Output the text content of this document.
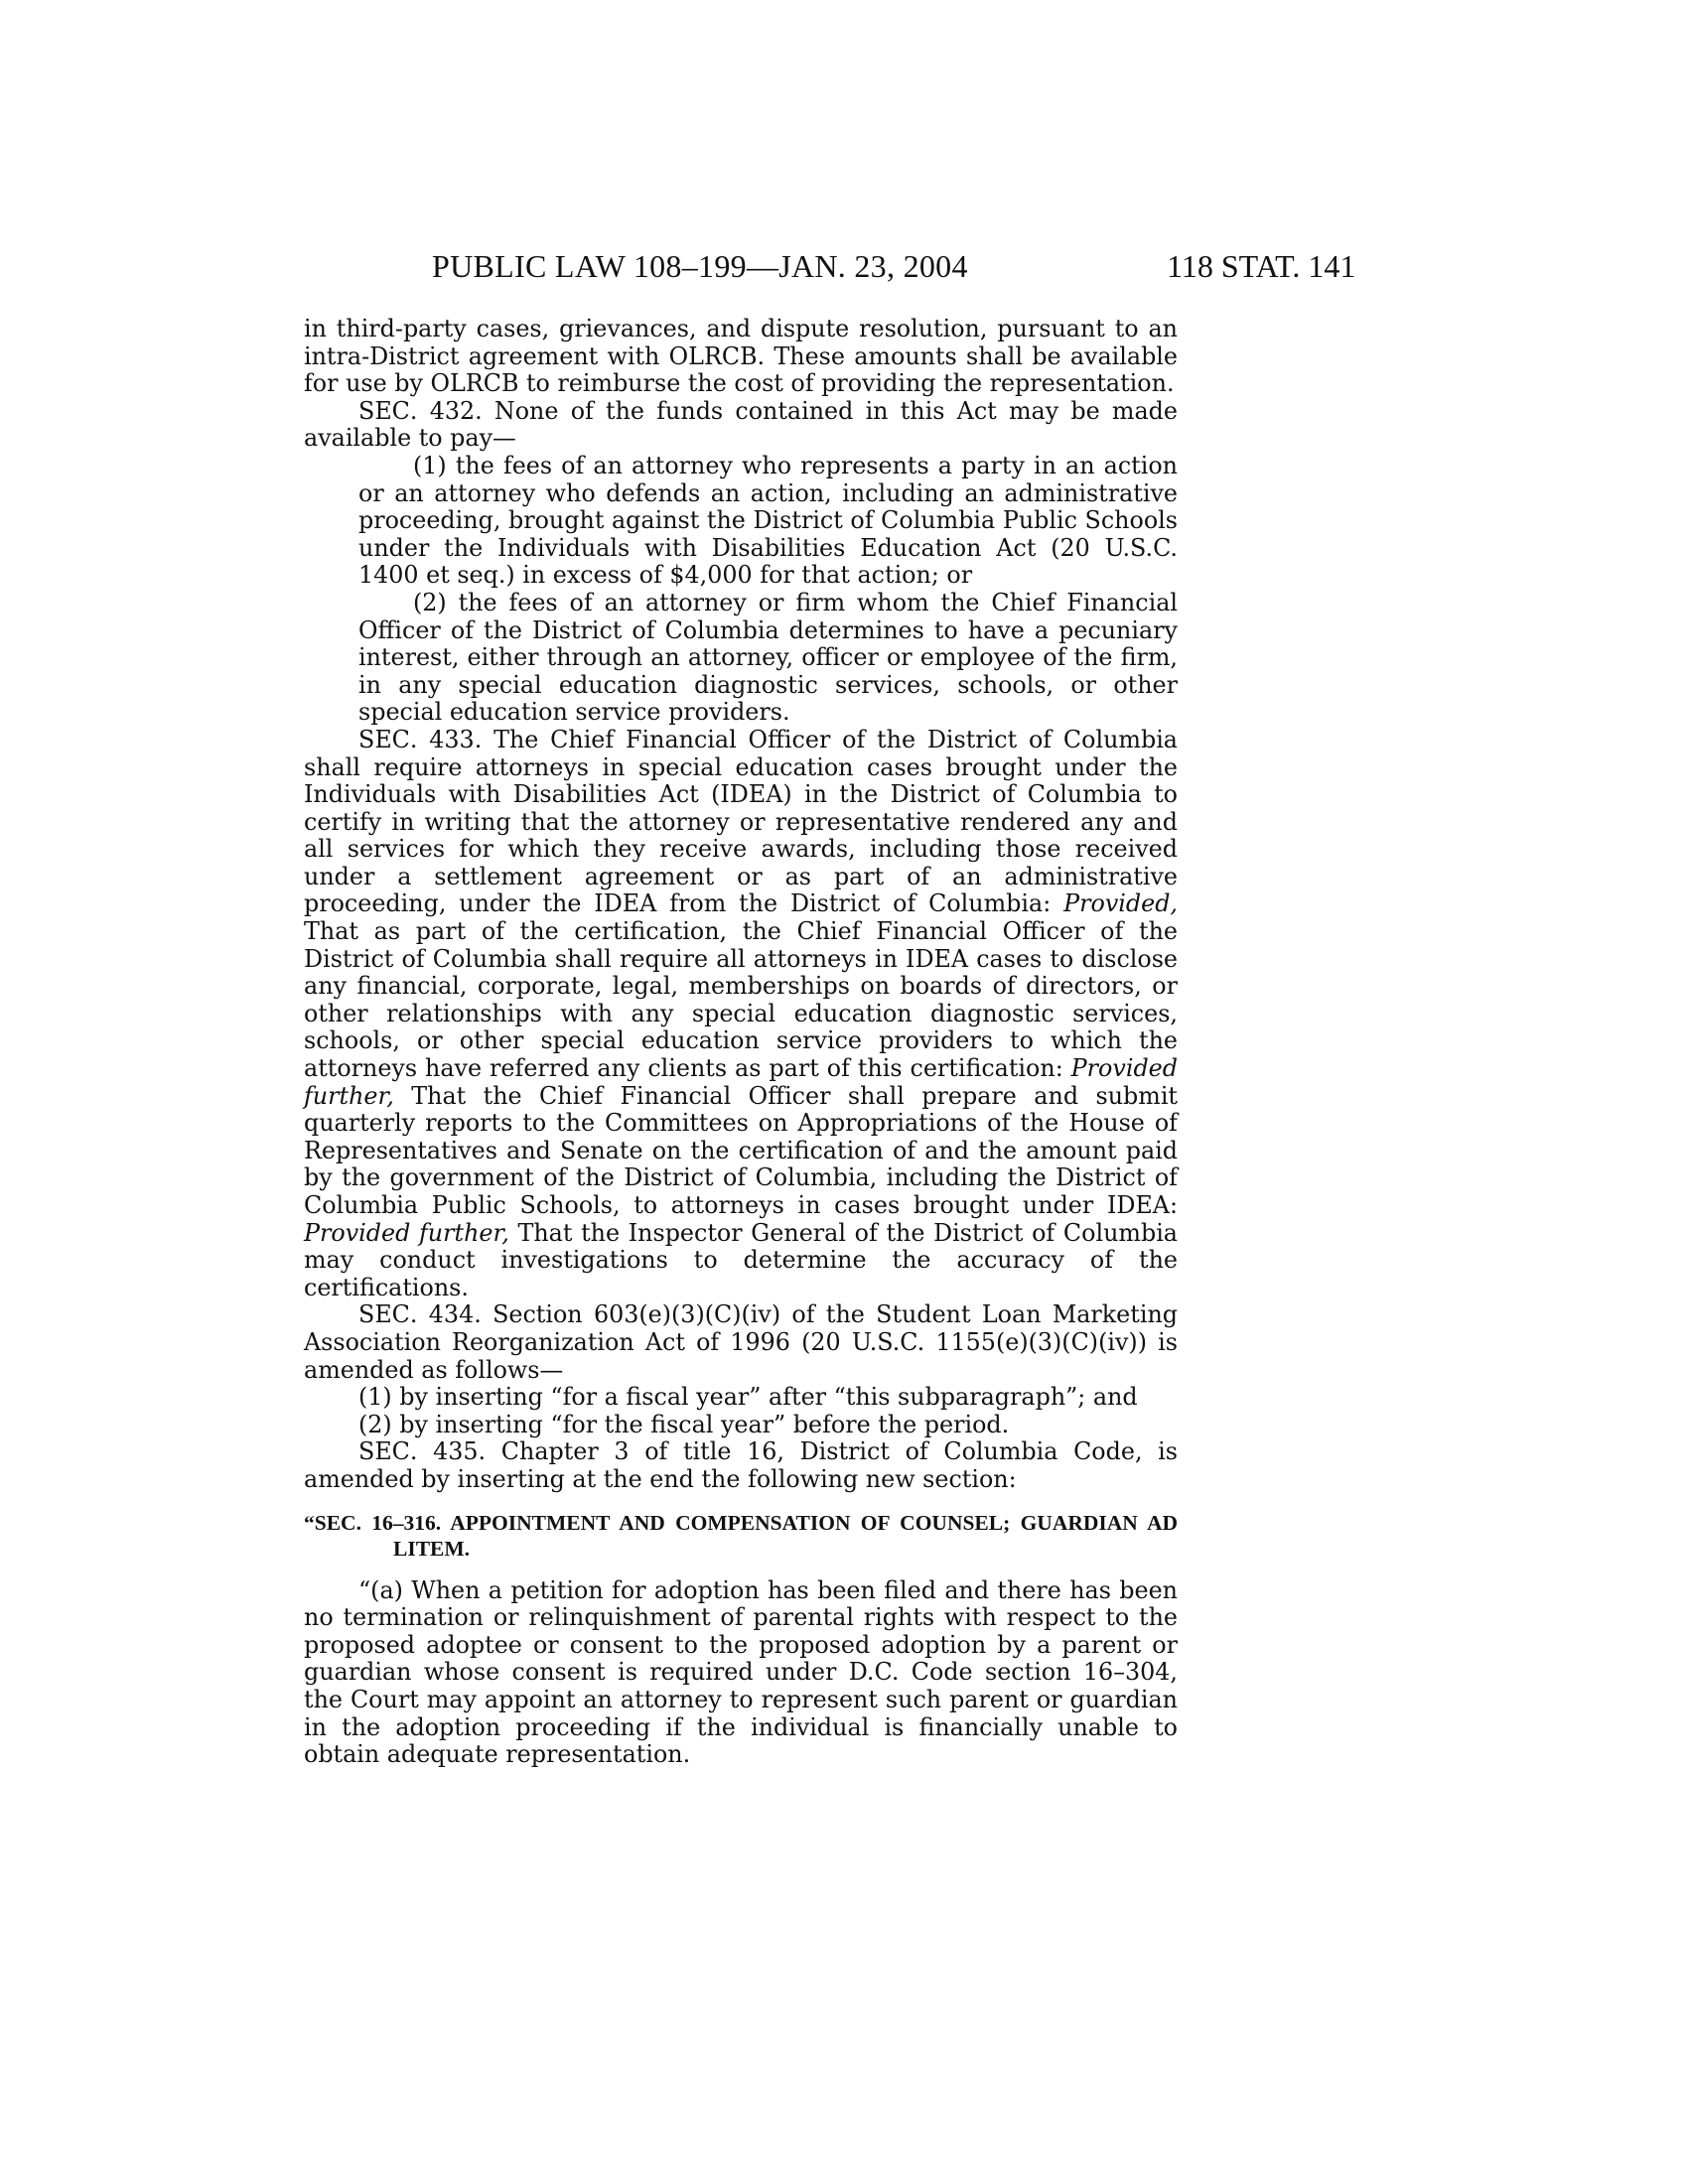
PUBLIC LAW 108–199—JAN. 23, 2004	118 STAT. 141

in third-party cases, grievances, and dispute resolution, pursuant to an intra-District agreement with OLRCB. These amounts shall be available for use by OLRCB to reimburse the cost of providing the representation.

SEC. 432. None of the funds contained in this Act may be made available to pay—

(1) the fees of an attorney who represents a party in an action or an attorney who defends an action, including an administrative proceeding, brought against the District of Columbia Public Schools under the Individuals with Disabilities Education Act (20 U.S.C. 1400 et seq.) in excess of $4,000 for that action; or

(2) the fees of an attorney or firm whom the Chief Financial Officer of the District of Columbia determines to have a pecuniary interest, either through an attorney, officer or employee of the firm, in any special education diagnostic services, schools, or other special education service providers.

SEC. 433. The Chief Financial Officer of the District of Columbia shall require attorneys in special education cases brought under the Individuals with Disabilities Act (IDEA) in the District of Columbia to certify in writing that the attorney or representative rendered any and all services for which they receive awards, including those received under a settlement agreement or as part of an administrative proceeding, under the IDEA from the District of Columbia: Provided, That as part of the certification, the Chief Financial Officer of the District of Columbia shall require all attorneys in IDEA cases to disclose any financial, corporate, legal, memberships on boards of directors, or other relationships with any special education diagnostic services, schools, or other special education service providers to which the attorneys have referred any clients as part of this certification: Provided further, That the Chief Financial Officer shall prepare and submit quarterly reports to the Committees on Appropriations of the House of Representatives and Senate on the certification of and the amount paid by the government of the District of Columbia, including the District of Columbia Public Schools, to attorneys in cases brought under IDEA: Provided further, That the Inspector General of the District of Columbia may conduct investigations to determine the accuracy of the certifications.

SEC. 434. Section 603(e)(3)(C)(iv) of the Student Loan Marketing Association Reorganization Act of 1996 (20 U.S.C. 1155(e)(3)(C)(iv)) is amended as follows—

(1) by inserting “for a fiscal year” after “this subparagraph”; and

(2) by inserting “for the fiscal year” before the period.

SEC. 435. Chapter 3 of title 16, District of Columbia Code, is amended by inserting at the end the following new section:

“SEC. 16–316. APPOINTMENT AND COMPENSATION OF COUNSEL; GUARDIAN AD LITEM.

“(a) When a petition for adoption has been filed and there has been no termination or relinquishment of parental rights with respect to the proposed adoptee or consent to the proposed adoption by a parent or guardian whose consent is required under D.C. Code section 16–304, the Court may appoint an attorney to represent such parent or guardian in the adoption proceeding if the individual is financially unable to obtain adequate representation.
